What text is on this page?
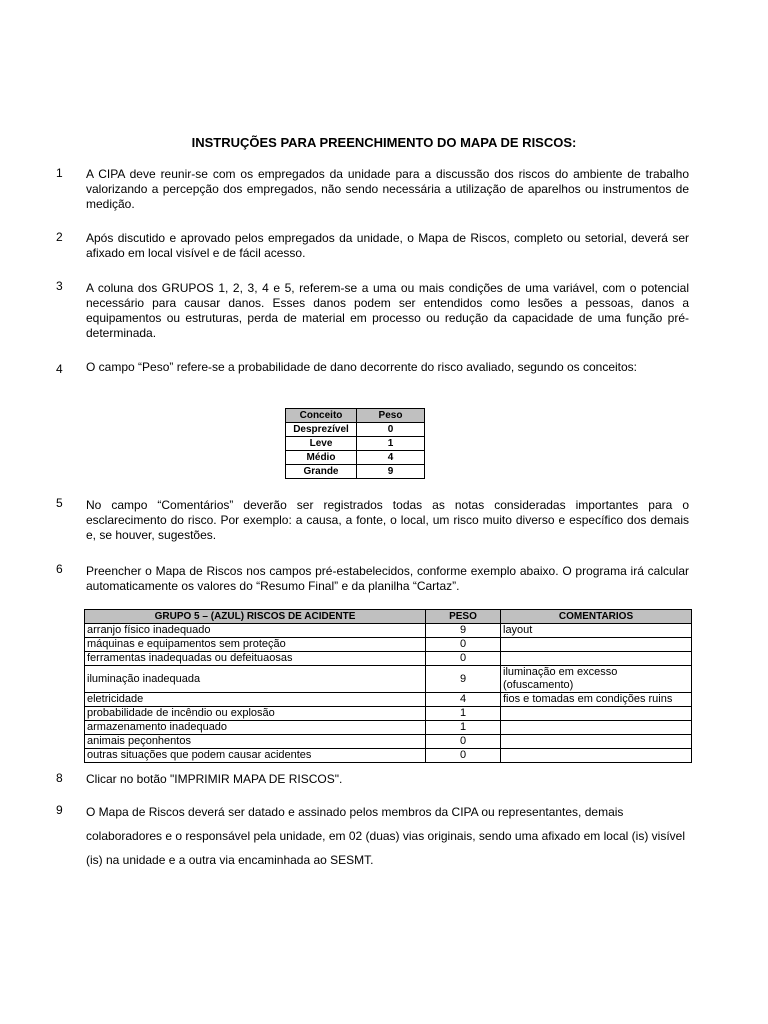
INSTRUÇÕES PARA PREENCHIMENTO DO MAPA DE RISCOS:
1 A CIPA deve reunir-se com os empregados da unidade para a discussão dos riscos do ambiente de trabalho valorizando a percepção dos empregados, não sendo necessária a utilização de aparelhos ou instrumentos de medição.
2 Após discutido e aprovado pelos empregados da unidade, o Mapa de Riscos, completo ou setorial, deverá ser afixado em local visível e de fácil acesso.
3 A coluna dos GRUPOS 1, 2, 3, 4 e 5, referem-se a uma ou mais condições de uma variável, com o potencial necessário para causar danos. Esses danos podem ser entendidos como lesões a pessoas, danos a equipamentos ou estruturas, perda de material em processo ou redução da capacidade de uma função pré-determinada.
4 O campo “Peso” refere-se a probabilidade de dano decorrente do risco avaliado, segundo os conceitos:
Conceito	Peso
Desprezível	0
Leve	1
Médio	4
Grande	9
5 No campo “Comentários” deverão ser registrados todas as notas consideradas importantes para o esclarecimento do risco. Por exemplo: a causa, a fonte, o local, um risco muito diverso e específico dos demais e, se houver, sugestões.
6 Preencher o Mapa de Riscos nos campos pré-estabelecidos, conforme exemplo abaixo. O programa irá calcular automaticamente os valores do “Resumo Final” e da planilha “Cartaz”.
GRUPO 5 – (AZUL) RISCOS DE ACIDENTE	PESO	COMENTARIOS
arranjo físico inadequado	9	layout
máquinas e equipamentos sem proteção	0	
ferramentas inadequadas ou defeituaosas	0	
iluminação inadequada	9	iluminação em excesso (ofuscamento)
eletricidade	4	fios e tomadas em condições ruins
probabilidade de incêndio ou explosão	1	
armazenamento inadequado	1	
animais peçonhentos	0	
outras situações que podem causar acidentes	0	
8 Clicar no botão "IMPRIMIR MAPA DE RISCOS".
9 O Mapa de Riscos deverá ser datado e assinado pelos membros da CIPA ou representantes, demais colaboradores e o responsável pela unidade, em 02 (duas) vias originais, sendo uma afixado em local (is) visível (is) na unidade e a outra via encaminhada ao SESMT.
